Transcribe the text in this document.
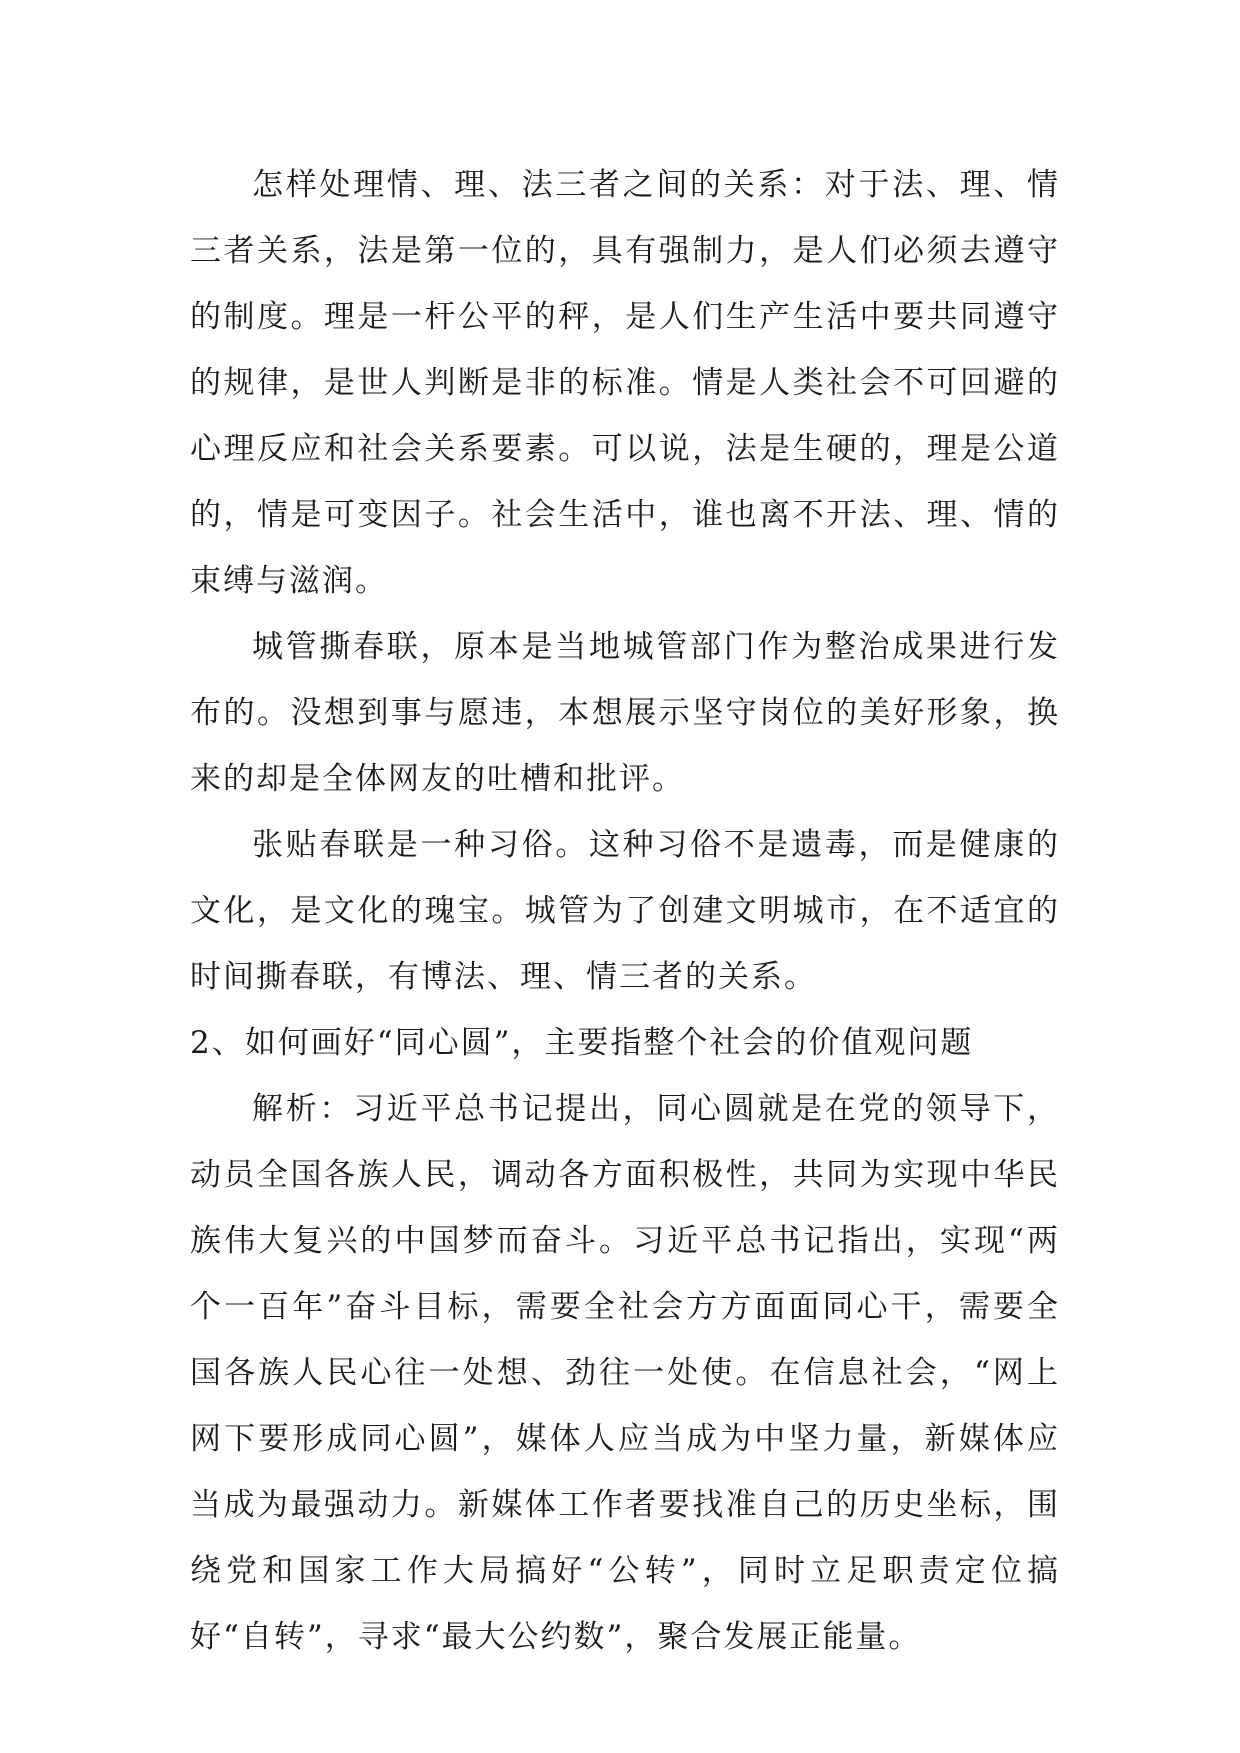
怎样处理情、理、法三者之间的关系：对于法、理、情三者关系，法是第一位的，具有强制力，是人们必须去遵守的制度。理是一杆公平的秤，是人们生产生活中要共同遵守的规律，是世人判断是非的标准。情是人类社会不可回避的心理反应和社会关系要素。可以说，法是生硬的，理是公道的，情是可变因子。社会生活中，谁也离不开法、理、情的束缚与滋润。

城管撕春联，原本是当地城管部门作为整治成果进行发布的。没想到事与愿违，本想展示坚守岗位的美好形象，换来的却是全体网友的吐槽和批评。

张贴春联是一种习俗。这种习俗不是遗毒，而是健康的文化，是文化的瑰宝。城管为了创建文明城市，在不适宜的时间撕春联，有博法、理、情三者的关系。

2、如何画好“同心圆”，主要指整个社会的价值观问题

解析：习近平总书记提出，同心圆就是在党的领导下，动员全国各族人民，调动各方面积极性，共同为实现中华民族伟大复兴的中国梦而奋斗。习近平总书记指出，实现“两个一百年”奋斗目标，需要全社会方方面面同心干，需要全国各族人民心往一处想、劲往一处使。在信息社会，“网上网下要形成同心圆”，媒体人应当成为中坚力量，新媒体应当成为最强动力。新媒体工作者要找准自己的历史坐标，围绕党和国家工作大局搞好“公转”，同时立足职责定位搞好“自转”，寻求“最大公约数”，聚合发展正能量。
